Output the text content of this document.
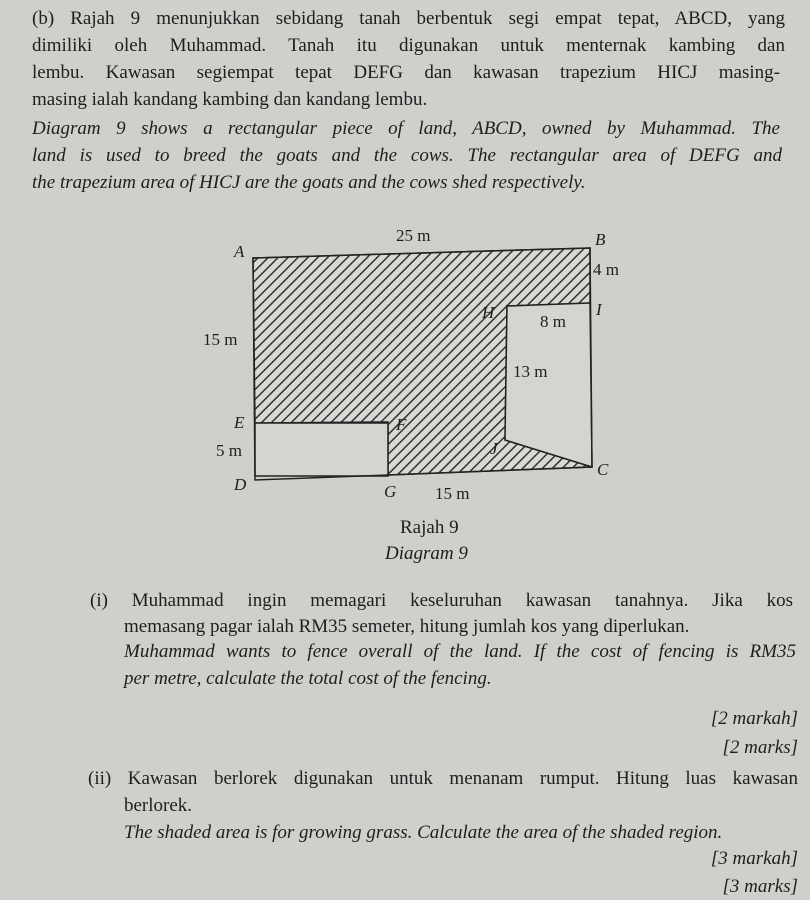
(b) Rajah 9 menunjukkan sebidang tanah berbentuk segi empat tepat, ABCD, yang
dimiliki oleh Muhammad. Tanah itu digunakan untuk menternak kambing dan
lembu. Kawasan segiempat tepat DEFG dan kawasan trapezium HICJ masing-
masing ialah kandang kambing dan kandang lembu.
Diagram 9 shows a rectangular piece of land, ABCD, owned by Muhammad. The
land is used to breed the goats and the cows. The rectangular area of DEFG and
the trapezium area of HICJ are the goats and the cows shed respectively.
A
B
C
D
E	F
G
H	I
J
25 m
4 m
8 m
15 m
13 m
5 m
15 m
Rajah 9
Diagram 9
(i) Muhammad ingin memagari keseluruhan kawasan tanahnya. Jika kos
memasang pagar ialah RM35 semeter, hitung jumlah kos yang diperlukan.
Muhammad wants to fence overall of the land. If the cost of fencing is RM35
per metre, calculate the total cost of the fencing.
[2 markah]
[2 marks]
(ii) Kawasan berlorek digunakan untuk menanam rumput. Hitung luas kawasan
berlorek.
The shaded area is for growing grass. Calculate the area of the shaded region.
[3 markah]
[3 marks]
